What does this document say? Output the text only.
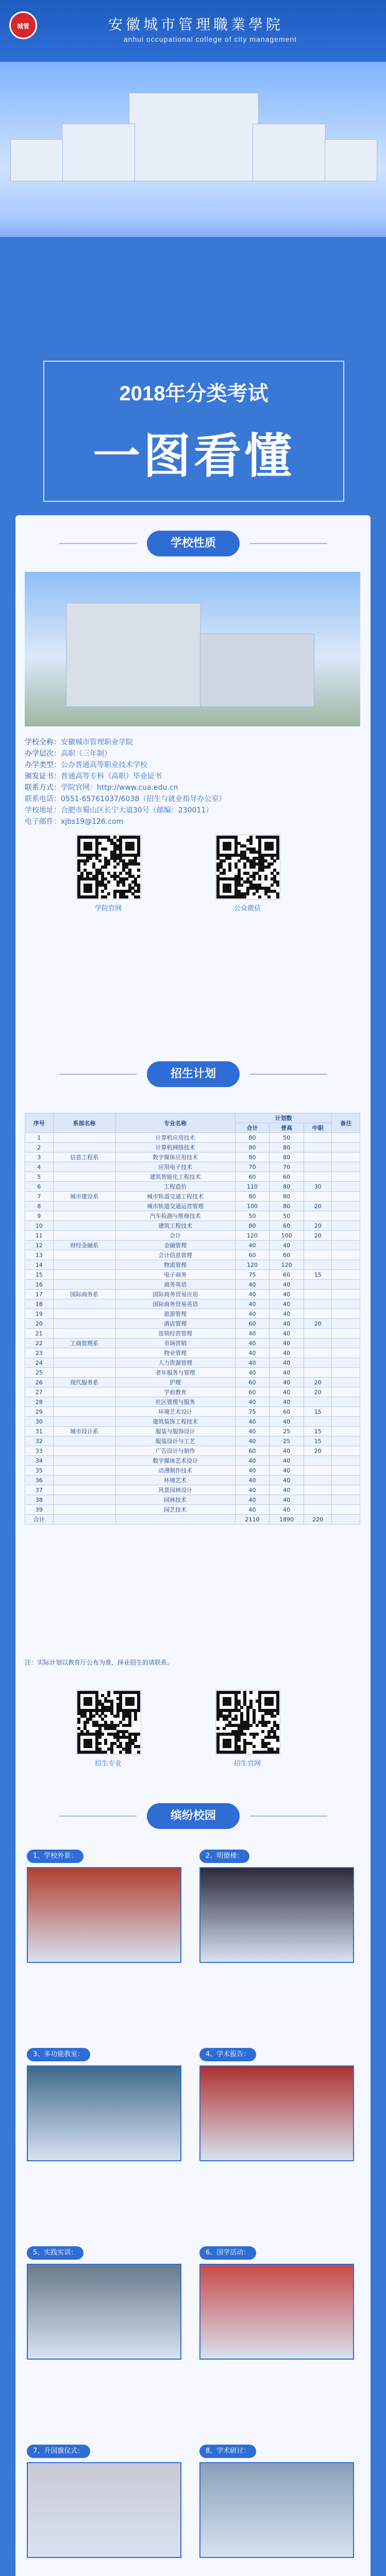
城管	安徽城市管理職業學院
anhui occupational college of city management
2018年分类考试
一图看懂
学校性质
学校全称：安徽城市管理职业学院
办学层次：高职（三年制）
办学类型：公办普通高等职业技术学校
颁发证书：普通高等专科（高职）毕业证书
联系方式：学院官网：http://www.cua.edu.cn
联系电话：0551-65761037/6038（招生与就业指导办公室）
学校地址：合肥市蜀山区长宁大道30号（邮编：230011）
电子邮件：xjbs19@126.com
学院官网	公众微信
招生计划
序号	系部名称	专业名称	计划数			备注
			合计	普高	中职	
1		计算机应用技术	80	50		
2		计算机网络技术	80	80		
3	信息工程系	数字媒体应用技术	80	80		
4		应用电子技术	70	70		
5		建筑智能化工程技术	60	60		
6		工程造价	110	80	30	
7	城市建设系	城市轨道交通工程技术	80	80		
8		城市轨道交通运营管理	100	80	20	
9		汽车检测与维修技术	50	50		
10		建筑工程技术	80	60	20	
11		会计	120	100	20	
12	财经金融系	金融管理	40	40		
13		会计信息管理	60	60		
14		物流管理	120	120		
15		电子商务	75	60	15	
16		商务英语	40	40		
17	国际商务系	国际商务贸易应用	40	40		
18		国际商务贸易英语	40	40		
19		旅游管理	40	40		
20		酒店管理	60	40	20	
21		连锁经营管理	40	40		
22	工商管理系	市场营销	40	40		
23		物业管理	40	40		
24		人力资源管理	40	40		
25		老年服务与管理	40	40		
26	现代服务系	护理	60	40	20	
27		学前教育	60	40	20	
28		社区管理与服务	40	40		
29		环境艺术设计	75	60	15	
30		建筑装饰工程技术	40	40		
31	城市设计系	服装与服饰设计	40	25	15	
32		服装设计与工艺	40	25	15	
33		广告设计与制作	60	40	20	
34		数字媒体艺术设计	40	40		
35		动漫制作技术	40	40		
36		环境艺术	40	40		
37		风景园林设计	40	40		
38		园林技术	40	40		
39		园艺技术	40	40		
合计			2110	1890	220	
注：实际计划以教育厅公布为准，择业招生的请联系。
招生专业	招生官网
缤纷校园
1、学校外景：	2、明德楼：
3、多功能教室：	4、学术报告：
5、实践实训：	6、国学活动：
7、升国旗仪式：	8、学术研讨：
